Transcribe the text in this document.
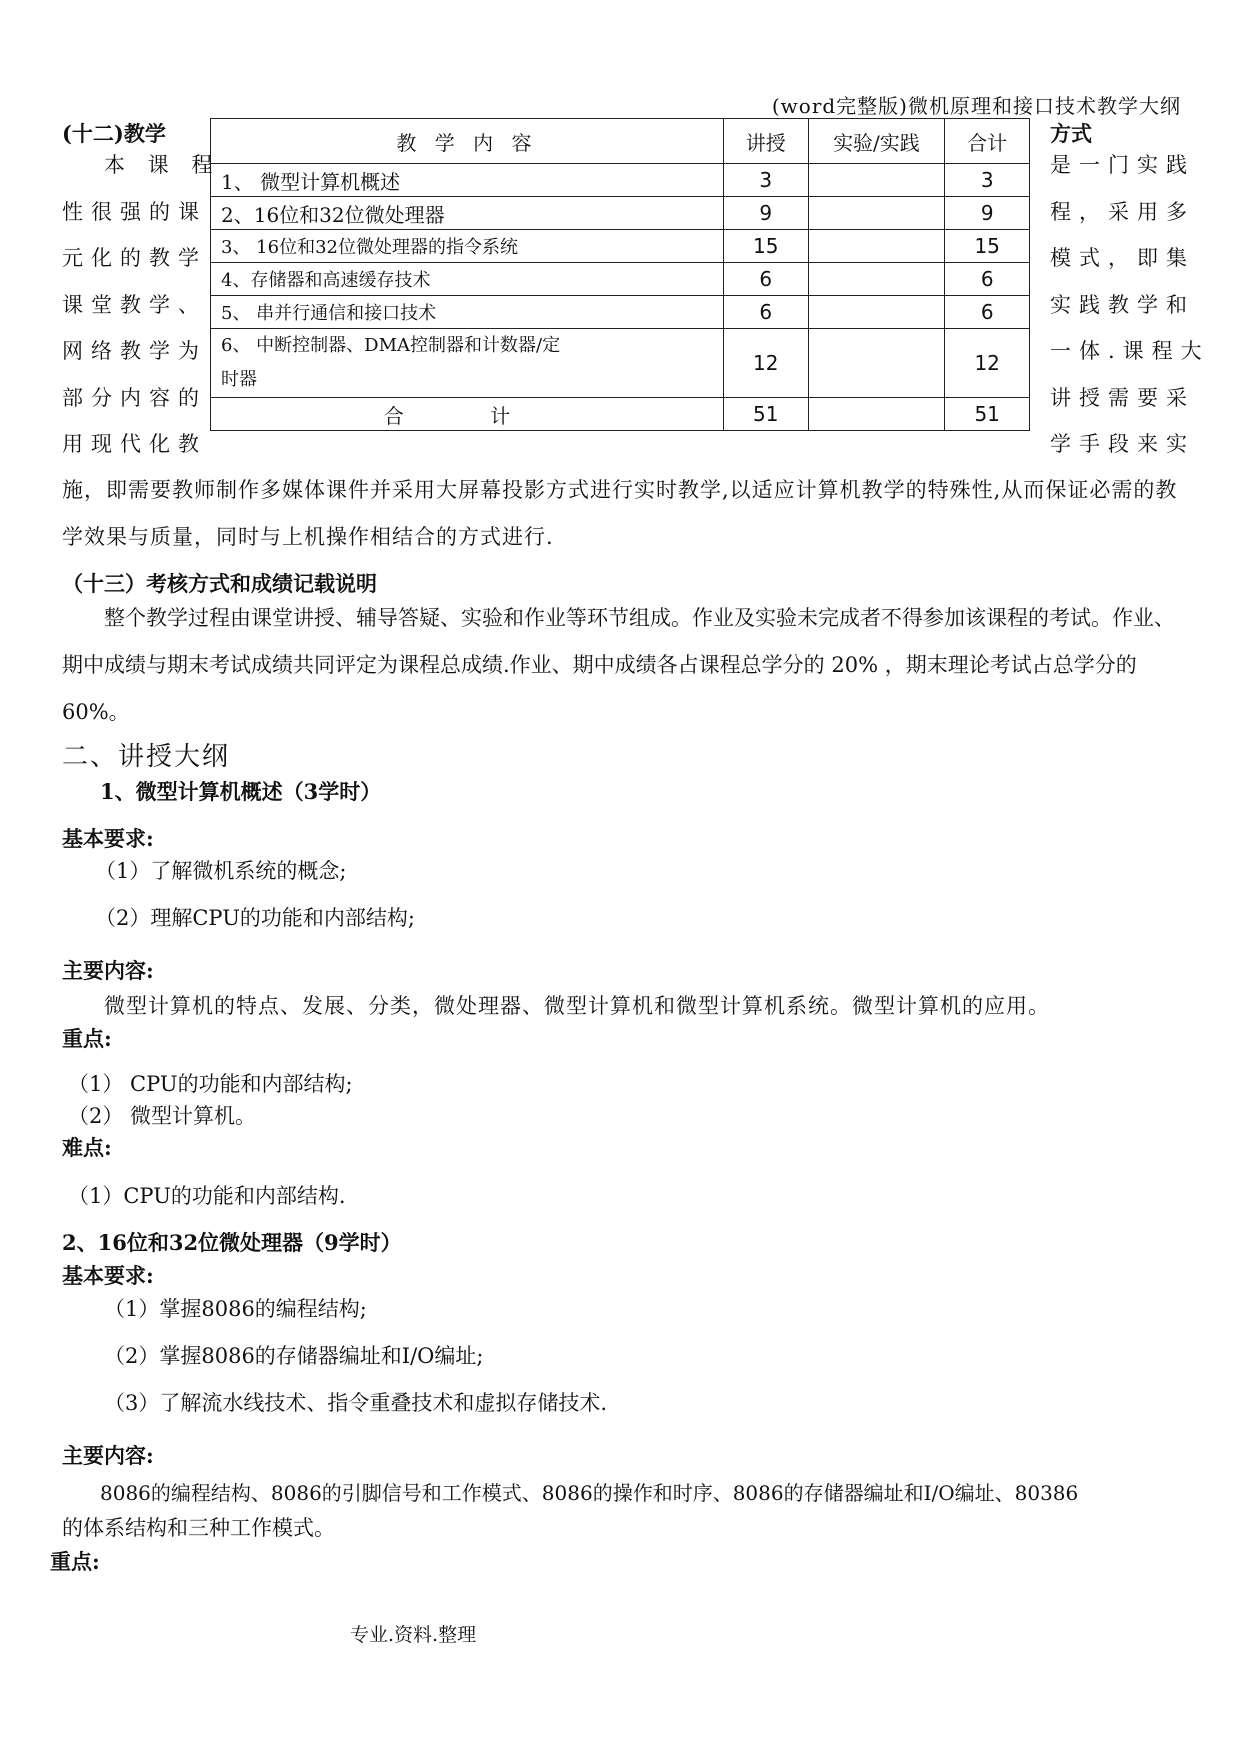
(word完整版)微机原理和接口技术教学大纲
(十二)教学	方式
本 课 程
性很强的课
元化的教学
课堂教学、
网络教学为
部分内容的
用现代化教
是一门实践
程，采用多
模式，即集
实践教学和
一体.课程大
讲授需要采
学手段来实
教 学 内 容	讲授	实验/实践	合计
1、 微型计算机概述	3		3
2、16位和32位微处理器	9		9
3、 16位和32位微处理器的指令系统	15		15
4、存储器和高速缓存技术	6		6
5、 串并行通信和接口技术	6		6

6、 中断控制器、DMA控制器和计数器/定
时器	12		12
合 计	51		51
施，即需要教师制作多媒体课件并采用大屏幕投影方式进行实时教学,以适应计算机教学的特殊性,从而保证必需的教学效果与质量，同时与上机操作相结合的方式进行.
（十三）考核方式和成绩记载说明
整个教学过程由课堂讲授、辅导答疑、实验和作业等环节组成。作业及实验未完成者不得参加该课程的考试。作业、期中成绩与期末考试成绩共同评定为课程总成绩.作业、期中成绩各占课程总学分的 20% ，期末理论考试占总学分的60%。
二、讲授大纲
1、微型计算机概述（3学时）
基本要求:
（1）了解微机系统的概念;
（2）理解CPU的功能和内部结构;
主要内容:
微型计算机的特点、发展、分类，微处理器、微型计算机和微型计算机系统。微型计算机的应用。
重点:
（1） CPU的功能和内部结构;
（2） 微型计算机。
难点:
（1）CPU的功能和内部结构.
2、16位和32位微处理器（9学时）
基本要求:
（1）掌握8086的编程结构;
（2）掌握8086的存储器编址和I/O编址;
（3）了解流水线技术、指令重叠技术和虚拟存储技术.
主要内容:
8086的编程结构、8086的引脚信号和工作模式、8086的操作和时序、8086的存储器编址和I/O编址、80386
的体系结构和三种工作模式。
重点:
专业.资料.整理
